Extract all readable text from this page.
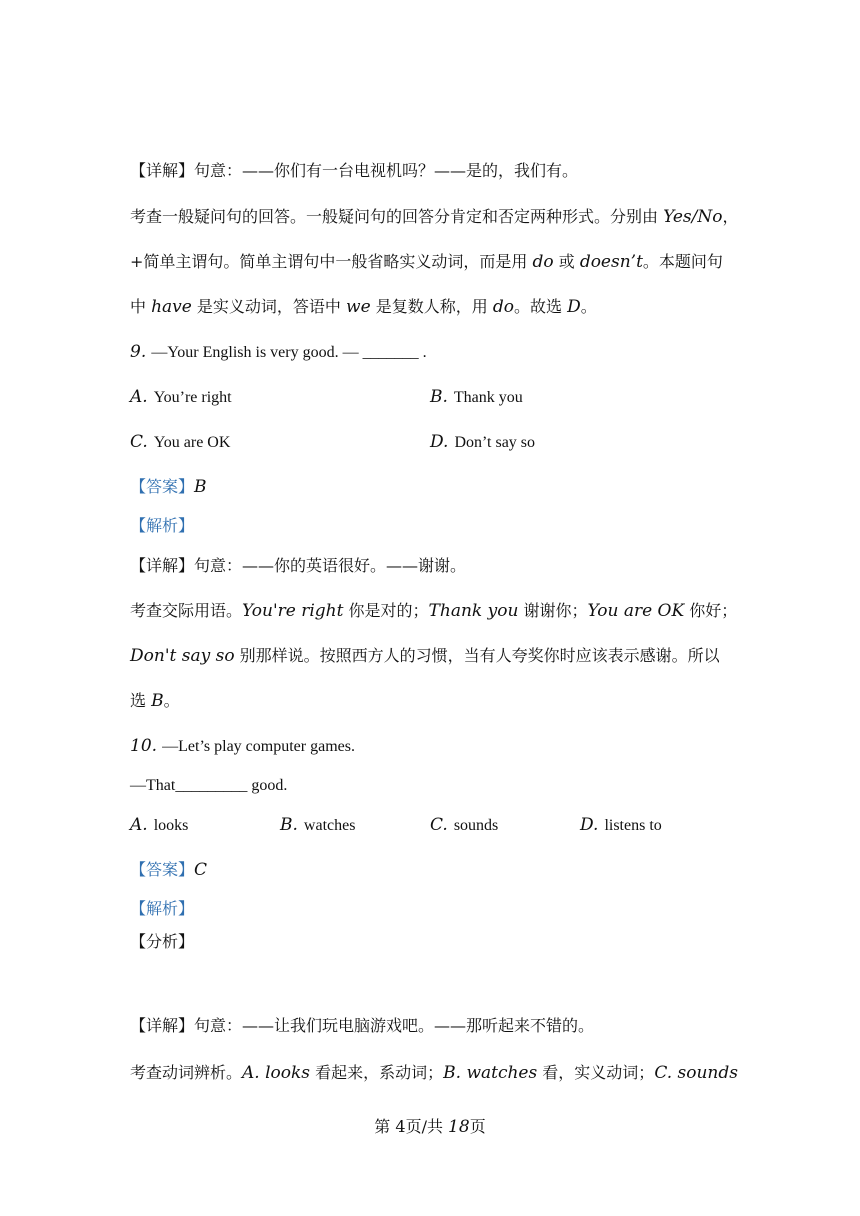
【详解】句意：——你们有一台电视机吗？——是的，我们有。
考查一般疑问句的回答。一般疑问句的回答分肯定和否定两种形式。分别由 Yes/No，
+简单主谓句。简单主谓句中一般省略实义动词，而是用 do 或 doesn’t。本题问句
中 have 是实义动词，答语中 we 是复数人称，用 do。故选 D。
9. —Your English is very good. — _______ .
A. You’re right	B. Thank you
C. You are OK	D. Don’t say so
【答案】B
【解析】
【详解】句意：——你的英语很好。——谢谢。
考查交际用语。You're right 你是对的；Thank you 谢谢你；You are OK 你好；
Don't say so 别那样说。按照西方人的习惯，当有人夸奖你时应该表示感谢。所以
选 B。
10. —Let’s play computer games.
—That_________ good.
A. looks	B. watches	C. sounds	D. listens to
【答案】C
【解析】
【分析】
【详解】句意：——让我们玩电脑游戏吧。——那听起来不错的。
考查动词辨析。A. looks 看起来，系动词；B. watches 看，实义动词；C. sounds
第 4页/共 18页
